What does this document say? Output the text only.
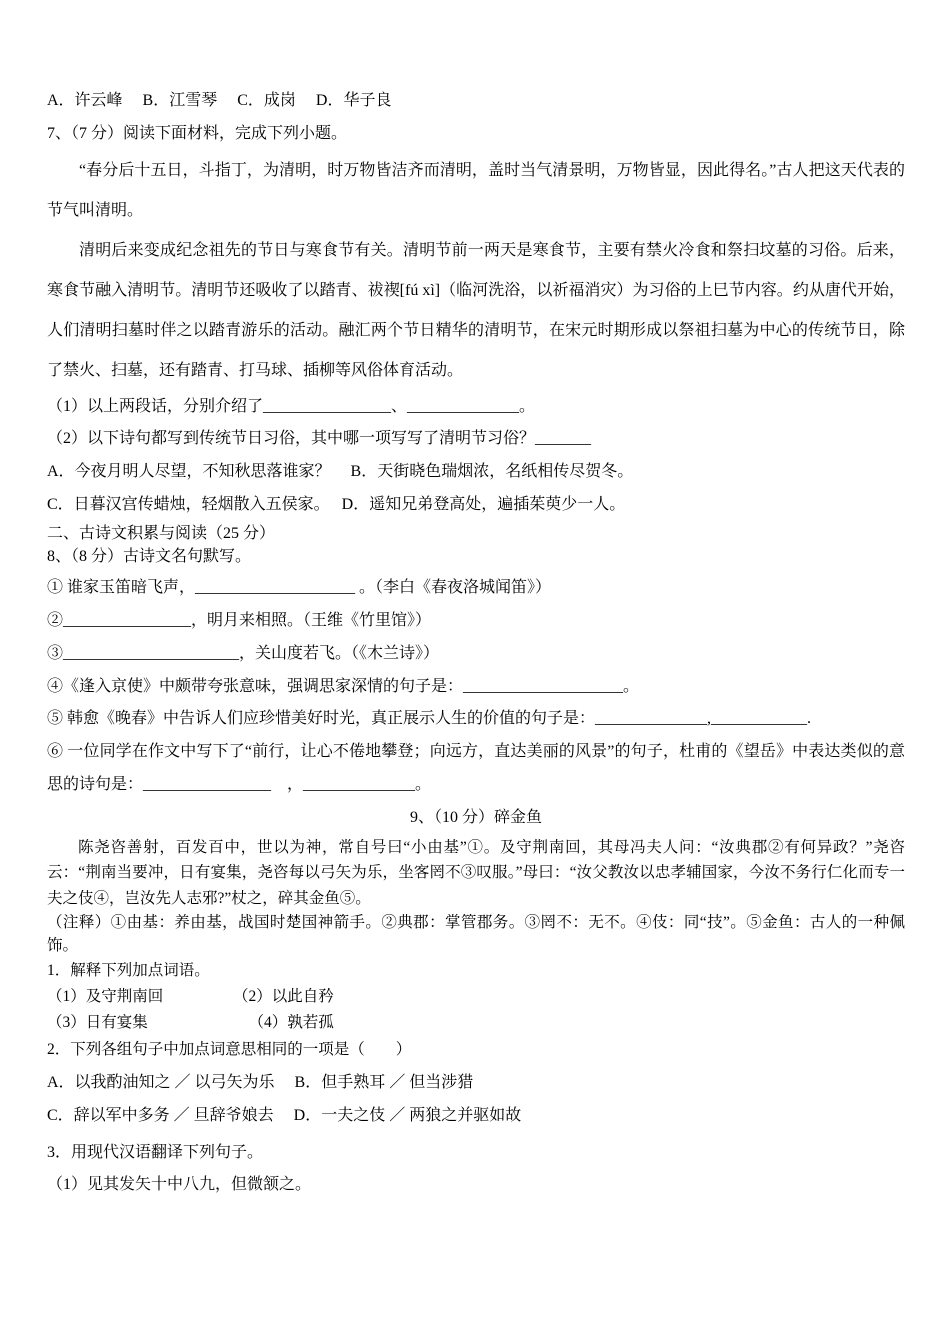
A．许云峰　 B．江雪琴　 C．成岗　 D．华子良

7、（7 分）阅读下面材料，完成下列小题。

“春分后十五日，斗指丁，为清明，时万物皆洁齐而清明，盖时当气清景明，万物皆显，因此得名。”古人把这天代表的节气叫清明。

清明后来变成纪念祖先的节日与寒食节有关。清明节前一两天是寒食节，主要有禁火冷食和祭扫坟墓的习俗。后来，寒食节融入清明节。清明节还吸收了以踏青、祓禊[fú xì]（临河洗浴，以祈福消灾）为习俗的上巳节内容。约从唐代开始，人们清明扫墓时伴之以踏青游乐的活动。融汇两个节日精华的清明节，在宋元时期形成以祭祖扫墓为中心的传统节日，除了禁火、扫墓，还有踏青、打马球、插柳等风俗体育活动。

（1）以上两段话，分别介绍了________________、______________。

（2）以下诗句都写到传统节日习俗，其中哪一项写写了清明节习俗？_______

A．今夜月明人尽望，不知秋思落谁家？　 B．天街晓色瑞烟浓，名纸相传尽贺冬。

C．日暮汉宫传蜡烛，轻烟散入五侯家。　 D．遥知兄弟登高处，遍插茱萸少一人。

二、古诗文积累与阅读（25 分）

8、（8 分）古诗文名句默写。

① 谁家玉笛暗飞声，____________________ 。（李白《春夜洛城闻笛》）

②________________，明月来相照。（王维《竹里馆》）

③______________________，关山度若飞。（《木兰诗》）

④《逢入京使》中颇带夸张意味，强调思家深情的句子是：____________________。

⑤ 韩愈《晚春》中告诉人们应珍惜美好时光，真正展示人生的价值的句子是：______________,____________.

⑥ 一位同学在作文中写下了“前行，让心不倦地攀登；向远方，直达美丽的风景”的句子，杜甫的《望岳》中表达类似的意思的诗句是：________________　，______________。

9、（10 分）碎金鱼

陈尧咨善射，百发百中，世以为神，常自号曰“小由基”①。及守荆南回，其母冯夫人问：“汝典郡②有何异政？”尧咨云：“荆南当要冲，日有宴集，尧咨每以弓矢为乐，坐客罔不③叹服。”母曰：“汝父教汝以忠孝辅国家，今汝不务行仁化而专一夫之伎④，岂汝先人志邪?”杖之，碎其金鱼⑤。

（注释）①由基：养由基，战国时楚国神箭手。②典郡：掌管郡务。③罔不：无不。④伎：同“技”。⑤金鱼：古人的一种佩饰。

1．解释下列加点词语。

（1）及守荆南回　　　　　（2）以此自矜

（3）日有宴集　　　　　　　（4）孰若孤

2．下列各组句子中加点词意思相同的一项是（　　）

A．以我酌油知之 ／ 以弓矢为乐　 B．但手熟耳 ／ 但当涉猎

C．辞以军中多务 ／ 旦辞爷娘去　 D．一夫之伎 ／ 两狼之并驱如故

3．用现代汉语翻译下列句子。

（1）见其发矢十中八九，但微颔之。
